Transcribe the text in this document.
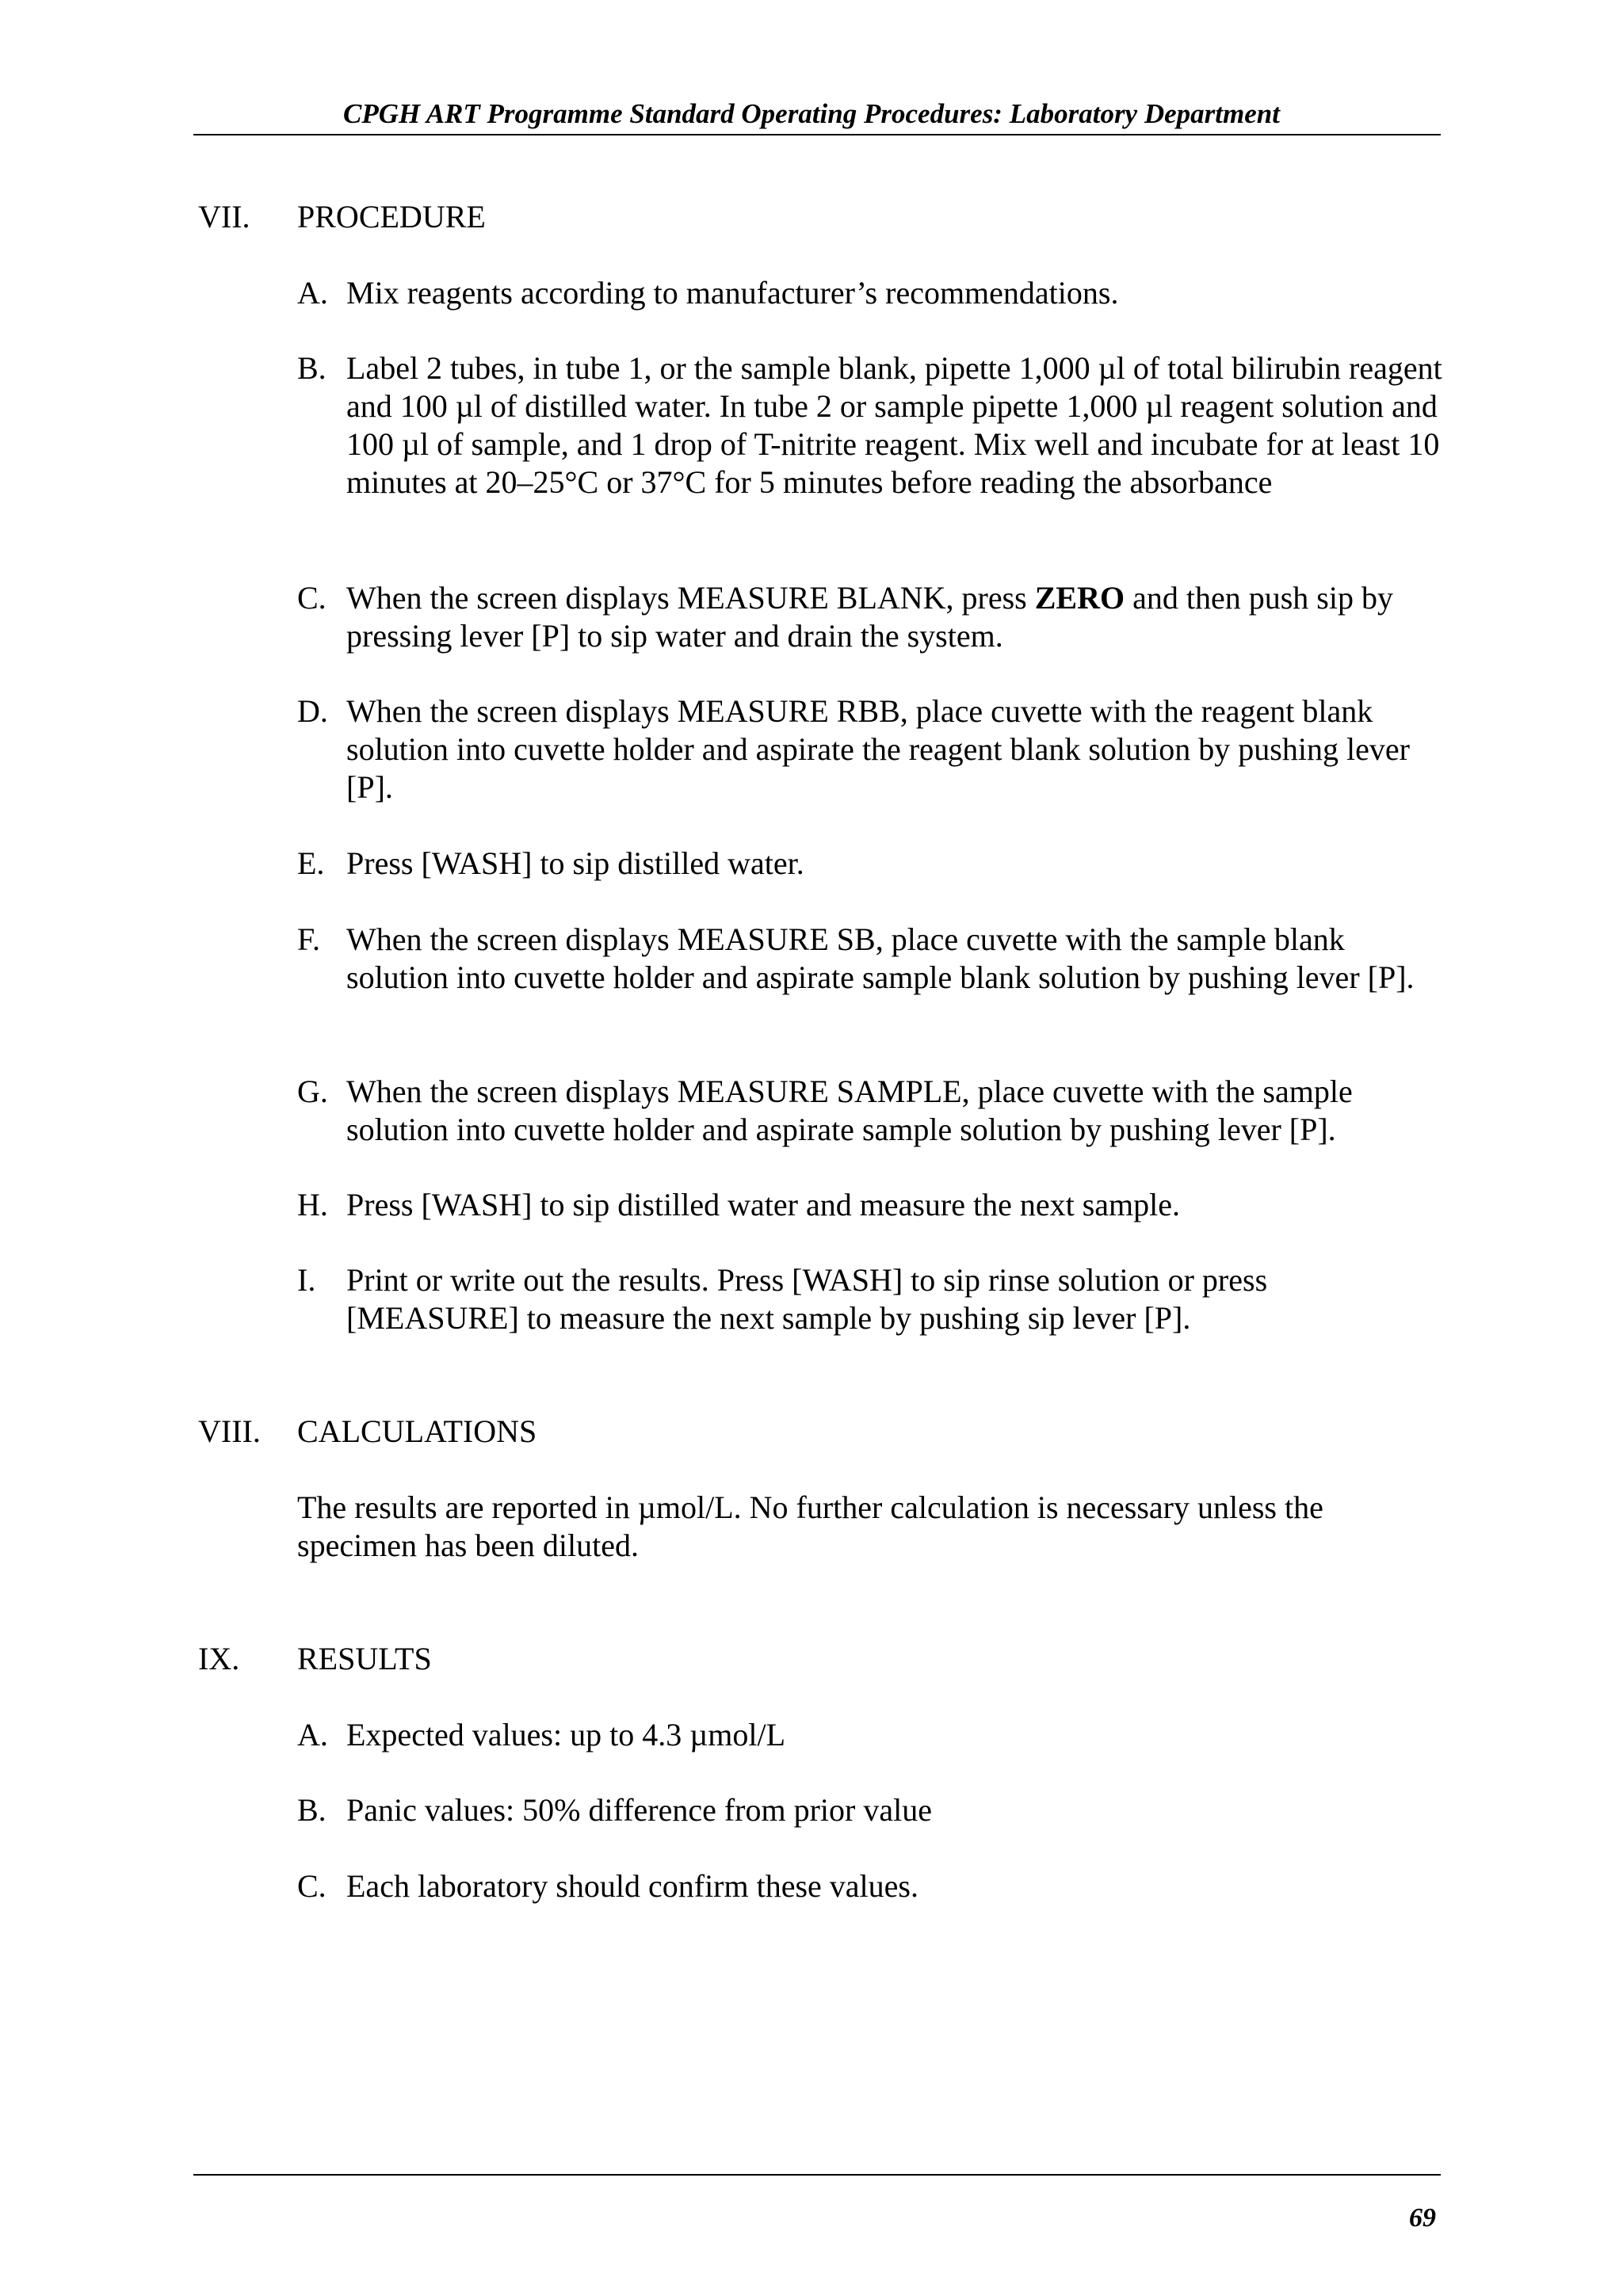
CPGH ART Programme Standard Operating Procedures: Laboratory Department
VII. PROCEDURE
A. Mix reagents according to manufacturer’s recommendations.
B. Label 2 tubes, in tube 1, or the sample blank, pipette 1,000 µl of total bilirubin reagent and 100 µl of distilled water. In tube 2 or sample pipette 1,000 µl reagent solution and 100 µl of sample, and 1 drop of T-nitrite reagent. Mix well and incubate for at least 10 minutes at 20–25°C or 37°C for 5 minutes before reading the absorbance
C. When the screen displays MEASURE BLANK, press ZERO and then push sip by pressing lever [P] to sip water and drain the system.
D. When the screen displays MEASURE RBB, place cuvette with the reagent blank solution into cuvette holder and aspirate the reagent blank solution by pushing lever [P].
E. Press [WASH] to sip distilled water.
F. When the screen displays MEASURE SB, place cuvette with the sample blank solution into cuvette holder and aspirate sample blank solution by pushing lever [P].
G. When the screen displays MEASURE SAMPLE, place cuvette with the sample solution into cuvette holder and aspirate sample solution by pushing lever [P].
H. Press [WASH] to sip distilled water and measure the next sample.
I. Print or write out the results. Press [WASH] to sip rinse solution or press [MEASURE] to measure the next sample by pushing sip lever [P].
VIII. CALCULATIONS
The results are reported in µmol/L. No further calculation is necessary unless the specimen has been diluted.
IX. RESULTS
A. Expected values: up to 4.3 µmol/L
B. Panic values: 50% difference from prior value
C. Each laboratory should confirm these values.
69
